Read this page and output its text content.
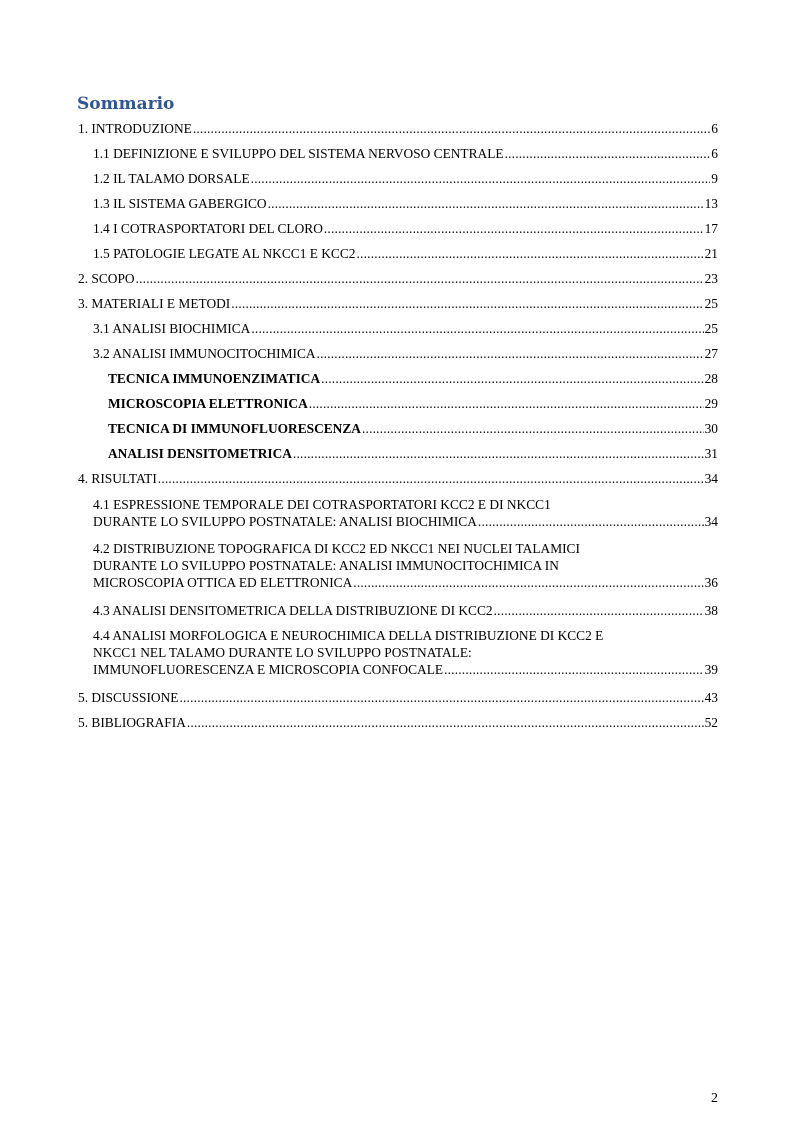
Sommario
1. INTRODUZIONE .....	6
1.1 DEFINIZIONE E SVILUPPO DEL SISTEMA NERVOSO CENTRALE .....	6
1.2 IL TALAMO DORSALE .....	9
1.3 IL SISTEMA GABERGICO .....	13
1.4 I COTRASPORTATORI DEL CLORO .....	17
1.5 PATOLOGIE LEGATE AL NKCC1 E KCC2 .....	21
2. SCOPO .....	23
3. MATERIALI E METODI .....	25
3.1 ANALISI BIOCHIMICA .....	25
3.2 ANALISI IMMUNOCITOCHIMICA .....	27
TECNICA IMMUNOENZIMATICA .....	28
MICROSCOPIA ELETTRONICA .....	29
TECNICA DI IMMUNOFLUORESCENZA .....	30
ANALISI DENSITOMETRICA .....	31
4. RISULTATI .....	34
4.1 ESPRESSIONE TEMPORALE DEI COTRASPORTATORI KCC2 E DI NKCC1
DURANTE LO SVILUPPO POSTNATALE: ANALISI BIOCHIMICA .....	34
4.2 DISTRIBUZIONE TOPOGRAFICA DI KCC2 ED NKCC1 NEI NUCLEI TALAMICI
DURANTE LO SVILUPPO POSTNATALE: ANALISI IMMUNOCITOCHIMICA IN
MICROSCOPIA OTTICA ED ELETTRONICA .....	36
4.3 ANALISI DENSITOMETRICA DELLA DISTRIBUZIONE DI KCC2 .....	38
4.4 ANALISI MORFOLOGICA E NEUROCHIMICA DELLA DISTRIBUZIONE DI KCC2 E
NKCC1 NEL TALAMO DURANTE LO SVILUPPO POSTNATALE:
IMMUNOFLUORESCENZA E MICROSCOPIA CONFOCALE .....	39
5. DISCUSSIONE .....	43
5. BIBLIOGRAFIA .....	52
2
